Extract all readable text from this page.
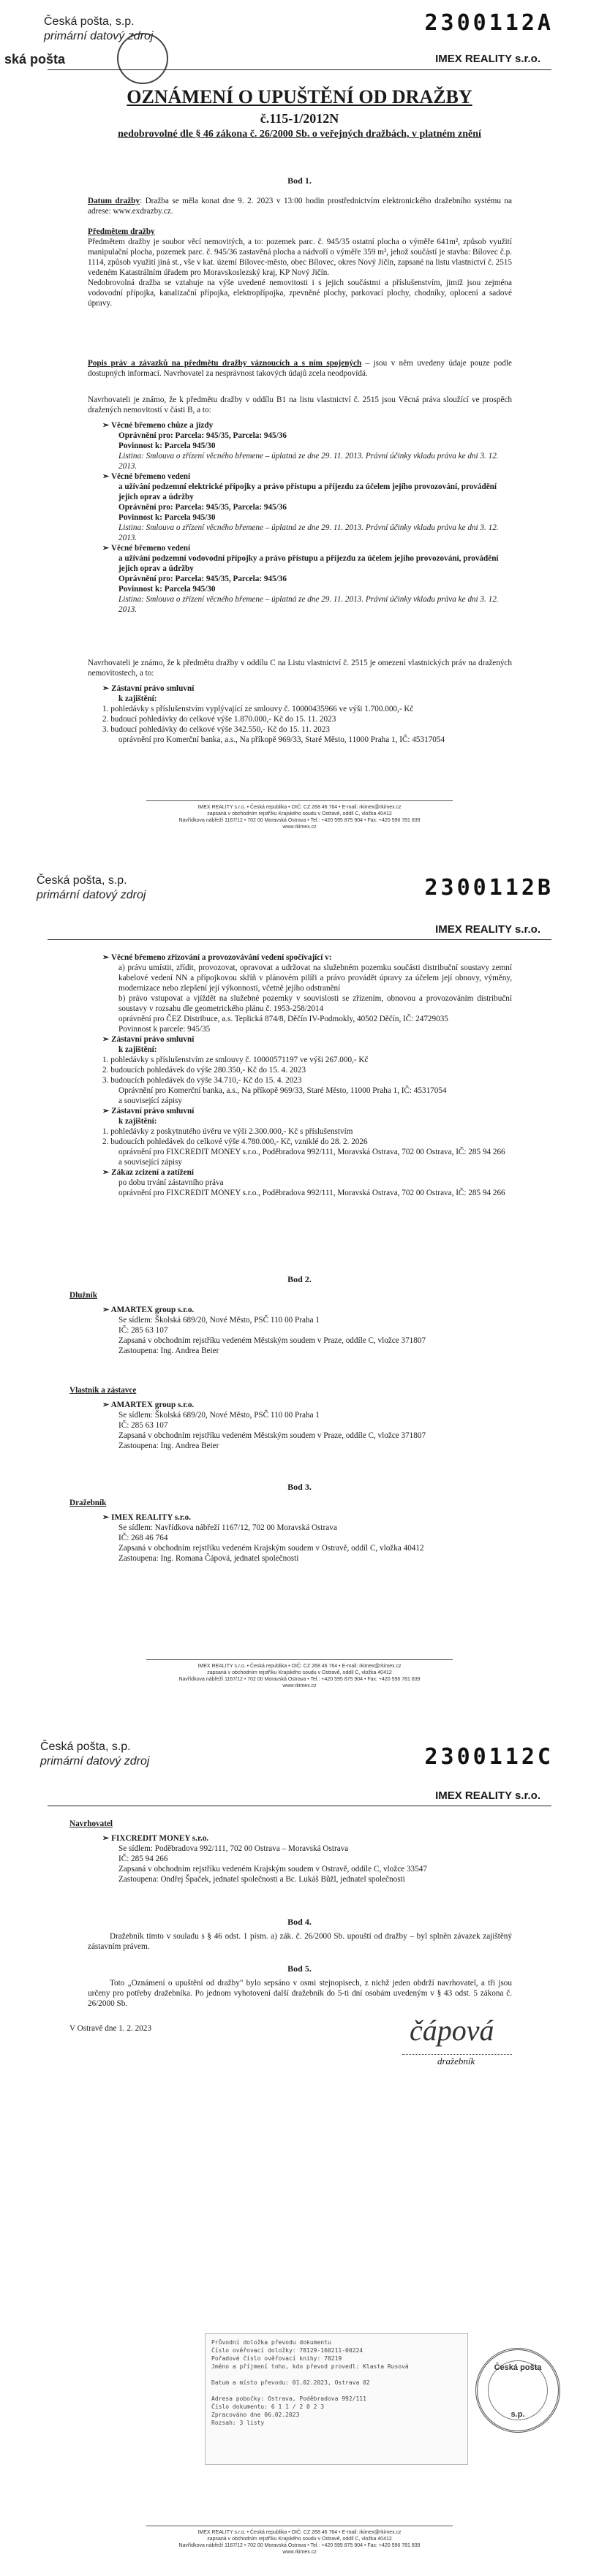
Česká pošta, s.p.
primární datový zdroj
ská pošta
2300112A
IMEX REALITY s.r.o.
OZNÁMENÍ O UPUŠTĚNÍ OD DRAŽBY
č.115-1/2012N
nedobrovolné dle § 46 zákona č. 26/2000 Sb. o veřejných dražbách, v platném znění
Bod 1.
Datum dražby: Dražba se měla konat dne 9. 2. 2023 v 13:00 hodin prostřednictvím elektronického dražebního systému na adrese: www.exdrazby.cz.
Předmětem dražby
Předmětem dražby je soubor věcí nemovitých, a to: pozemek parc. č. 945/35 ostatní plocha o výměře 641m², způsob využití manipulační plocha, pozemek parc. č. 945/36 zastavěná plocha a nádvoří o výměře 359 m², jehož součástí je stavba: Bílovec č.p. 1114, způsob využití jiná st., vše v kat. území Bílovec-město, obec Bílovec, okres Nový Jičín, zapsané na listu vlastnictví č. 2515 vedeném Katastrálním úřadem pro Moravskoslezský kraj, KP Nový Jičín.
Nedobrovolná dražba se vztahuje na výše uvedené nemovitosti i s jejich součástmi a příslušenstvím, jimiž jsou zejména vodovodní přípojka, kanalizační přípojka, elektropřípojka, zpevněné plochy, parkovací plochy, chodníky, oplocení a sadové úpravy.
Popis práv a závazků na předmětu dražby váznoucích a s ním spojených – jsou v něm uvedeny údaje pouze podle dostupných informací. Navrhovatel za nesprávnost takových údajů zcela neodpovídá.
Navrhovateli je známo, že k předmětu dražby v oddílu B1 na listu vlastnictví č. 2515 jsou Věcná práva sloužící ve prospěch dražených nemovitostí v části B, a to:
➢ Věcné břemeno chůze a jízdy
Oprávnění pro: Parcela: 945/35, Parcela: 945/36
Povinnost k: Parcela 945/30
Listina: Smlouva o zřízení věcného břemene – úplatná ze dne 29. 11. 2013. Právní účinky vkladu práva ke dni 3. 12. 2013.
➢ Věcné břemeno vedení
a užívání podzemní elektrické přípojky a právo přístupu a příjezdu za účelem jejího provozování, provádění jejich oprav a údržby
Oprávnění pro: Parcela: 945/35, Parcela: 945/36
Povinnost k: Parcela 945/30
Listina: Smlouva o zřízení věcného břemene – úplatná ze dne 29. 11. 2013. Právní účinky vkladu práva ke dni 3. 12. 2013.
➢ Věcné břemeno vedení
a užívání podzemní vodovodní přípojky a právo přístupu a příjezdu za účelem jejího provozování, provádění jejich oprav a údržby
Oprávnění pro: Parcela: 945/35, Parcela: 945/36
Povinnost k: Parcela 945/30
Listina: Smlouva o zřízení věcného břemene – úplatná ze dne 29. 11. 2013. Právní účinky vkladu práva ke dni 3. 12. 2013.
Navrhovateli je známo, že k předmětu dražby v oddílu C na Listu vlastnictví č. 2515 je omezení vlastnických práv na dražených nemovitostech, a to:
➢ Zástavní právo smluvní
k zajištění:
1. pohledávky s příslušenstvím vyplývající ze smlouvy č. 10000435966 ve výši 1.700.000,- Kč
2. budoucí pohledávky do celkové výše 1.870.000,- Kč do 15. 11. 2023
3. budoucí pohledávky do celkové výše 342.550,- Kč do 15. 11. 2023
oprávnění pro Komerční banka, a.s., Na příkopě 969/33, Staré Město, 11000 Praha 1, IČ: 45317054
IMEX REALITY s.r.o. • Česká republika • OIČ: CZ 268 46 764 • E-mail: rkimex@rkimex.cz
zapsaná v obchodním rejstříku Krajského soudu v Ostravě, oddíl C, vložka 40412
Navřídkova nábřeží 1167/12 • 702 00 Moravská Ostrava • Tel.: +420 595 875 904 • Fax: +420 596 781 839
www.rkimex.cz
Česká pošta, s.p.
primární datový zdroj	2300112B
IMEX REALITY s.r.o.
➢ Věcné břemeno zřizování a provozovávání vedení spočívající v:
a) právu umístit, zřídit, provozovat, opravovat a udržovat na služebném pozemku součásti distribuční soustavy zemní kabelové vedení NN a přípojkovou skříň v plánovém pilíři a právo provádět úpravy za účelem její obnovy, výměny, modernizace nebo zlepšení její výkonnosti, včetně jejího odstranění
b) právo vstupovat a vjíždět na služebné pozemky v souvislosti se zřízením, obnovou a provozováním distribuční soustavy v rozsahu dle geometrického plánu č. 1953-258/2014
oprávnění pro ČEZ Distribuce, a.s. Teplická 874/8, Děčín IV-Podmokly, 40502 Děčín, IČ: 24729035
Povinnost k parcele: 945/35
➢ Zástavní právo smluvní
k zajištění:
1. pohledávky s příslušenstvím ze smlouvy č. 10000571197 ve výši 267.000,- Kč
2. budoucích pohledávek do výše 280.350,- Kč do 15. 4. 2023
3. budoucích pohledávek do výše 34.710,- Kč do 15. 4. 2023
Oprávnění pro Komerční banka, a.s., Na příkopě 969/33, Staré Město, 11000 Praha 1, IČ: 45317054
a související zápisy
➢ Zástavní právo smluvní
k zajištění:
1. pohledávky z poskytnutého úvěru ve výši 2.300.000,- Kč s příslušenstvím
2. budoucích pohledávek do celkové výše 4.780.000,- Kč, vzniklé do 28. 2. 2026
oprávnění pro FIXCREDIT MONEY s.r.o., Poděbradova 992/111, Moravská Ostrava, 702 00 Ostrava, IČ: 285 94 266
a související zápisy
➢ Zákaz zcizení a zatížení
po dobu trvání zástavního práva
oprávnění pro FIXCREDIT MONEY s.r.o., Poděbradova 992/111, Moravská Ostrava, 702 00 Ostrava, IČ: 285 94 266
Bod 2.
Dlužník
➢ AMARTEX group s.r.o.
Se sídlem: Školská 689/20, Nové Město, PSČ 110 00 Praha 1
IČ: 285 63 107
Zapsaná v obchodním rejstříku vedeném Městským soudem v Praze, oddíle C, vložce 371807
Zastoupena: Ing. Andrea Beier
Vlastník a zástavce
➢ AMARTEX group s.r.o.
Se sídlem: Školská 689/20, Nové Město, PSČ 110 00 Praha 1
IČ: 285 63 107
Zapsaná v obchodním rejstříku vedeném Městským soudem v Praze, oddíle C, vložce 371807
Zastoupena: Ing. Andrea Beier
Bod 3.
Dražebník
➢ IMEX REALITY s.r.o.
Se sídlem: Navřídkova nábřeží 1167/12, 702 00 Moravská Ostrava
IČ: 268 46 764
Zapsaná v obchodním rejstříku vedeném Krajským soudem v Ostravě, oddíl C, vložka 40412
Zastoupena: Ing. Romana Čápová, jednatel společnosti
IMEX REALITY s.r.o. • Česká republika • OIČ: CZ 268 46 764 • E-mail: rkimex@rkimex.cz
zapsaná v obchodním rejstříku Krajského soudu v Ostravě, oddíl C, vložka 40412
Navřídkova nábřeží 1167/12 • 702 00 Moravská Ostrava • Tel.: +420 595 875 904 • Fax: +420 596 781 839
www.rkimex.cz
Česká pošta, s.p.
primární datový zdroj	2300112C
IMEX REALITY s.r.o.
Navrhovatel
➢ FIXCREDIT MONEY s.r.o.
Se sídlem: Poděbradova 992/111, 702 00 Ostrava – Moravská Ostrava
IČ: 285 94 266
Zapsaná v obchodním rejstříku vedeném Krajským soudem v Ostravě, oddíle C, vložce 33547
Zastoupena: Ondřej Špaček, jednatel společnosti a Bc. Lukáš Bůžl, jednatel společnosti
Bod 4.
Dražebník tímto v souladu s § 46 odst. 1 písm. a) zák. č. 26/2000 Sb. upouští od dražby – byl splněn závazek zajištěný zástavním právem.
Bod 5.
Toto „Oznámení o upuštění od dražby" bylo sepsáno v osmi stejnopisech, z nichž jeden obdrží navrhovatel, a tři jsou určeny pro potřeby dražebníka. Po jednom vyhotovení další dražebník do 5-ti dní osobám uvedeným v § 43 odst. 5 zákona č. 26/2000 Sb.
V Ostravě dne 1. 2. 2023	čápová
dražebník
Průvodní doložka převodu dokumentu
Číslo ověřovací doložky: 78129-160211-00224
Pořadové číslo ověřovací knihy: 78219
Jméno a příjmení toho, kdo převod provedl: Klasta Rusová
Datum a místo převodu: 01.02.2023, Ostrava 02
Adresa pobočky: Ostrava, Poděbradova 992/111
Číslo dokumentu: 6 1 1 / 2 0 2 3
Zpracováno dne 06.02.2023
Rozsah: 3 listy
Česká pošta
s.p.
IMEX REALITY s.r.o. • Česká republika • OIČ: CZ 268 46 764 • E-mail: rkimex@rkimex.cz
zapsaná v obchodním rejstříku Krajského soudu v Ostravě, oddíl C, vložka 40412
Navřídkova nábřeží 1167/12 • 702 00 Moravská Ostrava • Tel.: +420 595 875 904 • Fax: +420 596 781 839
www.rkimex.cz
